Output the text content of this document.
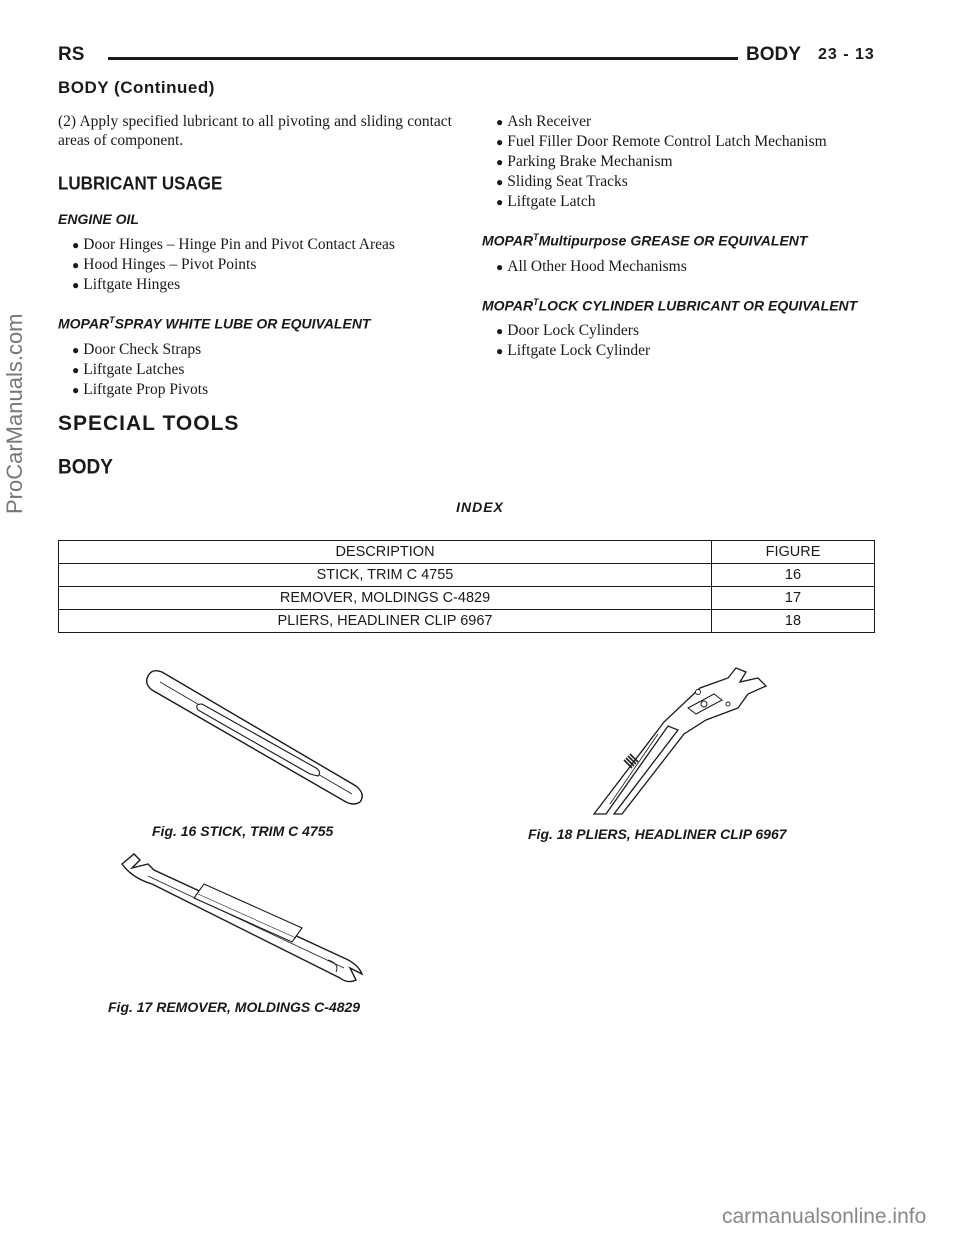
RS	BODY 23 - 13
BODY (Continued)

(2) Apply specified lubricant to all pivoting and sliding contact areas of component.

LUBRICANT USAGE
ENGINE OIL

● Door Hinges – Hinge Pin and Pivot Contact Areas

● Hood Hinges – Pivot Points

● Liftgate Hinges

$MOPAR^TSPRAY$ WHITE LUBE OR EQUIVALENT

● Door Check Straps

● Liftgate Latches

● Liftgate Prop Pivots

● Ash Receiver

● Fuel Filler Door Remote Control Latch Mechanism

● Parking Brake Mechanism

● Sliding Seat Tracks

● Liftgate Latch

$MOPAR^TMultipurpose$ GREASE OR EQUIVALENT

● All Other Hood Mechanisms

$MOPAR^TLOCK$ CYLINDER LUBRICANT OR EQUIVALENT

● Door Lock Cylinders

● Liftgate Lock Cylinder

SPECIAL TOOLS
BODY
INDEX
DESCRIPTION	FIGURE
STICK, TRIM C 4755	16
REMOVER, MOLDINGS C-4829	17
PLIERS, HEADLINER CLIP 6967	18
Fig. 16 STICK, TRIM C 4755	Fig. 18 PLIERS, HEADLINER CLIP 6967
Fig. 17 REMOVER, MOLDINGS C-4829
ProCarManuals.com
carmanualsonline.info
